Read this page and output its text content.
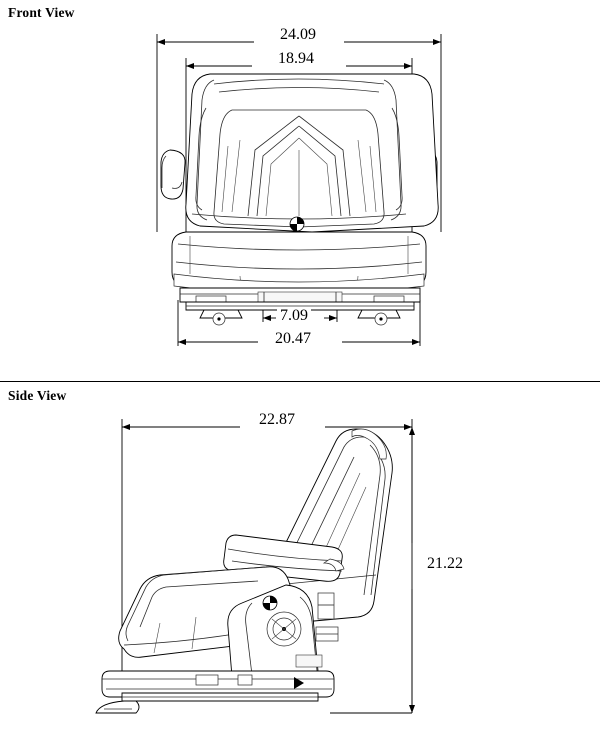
Front View
24.09
18.94
7.09
20.47
Side View
22.87
21.22
